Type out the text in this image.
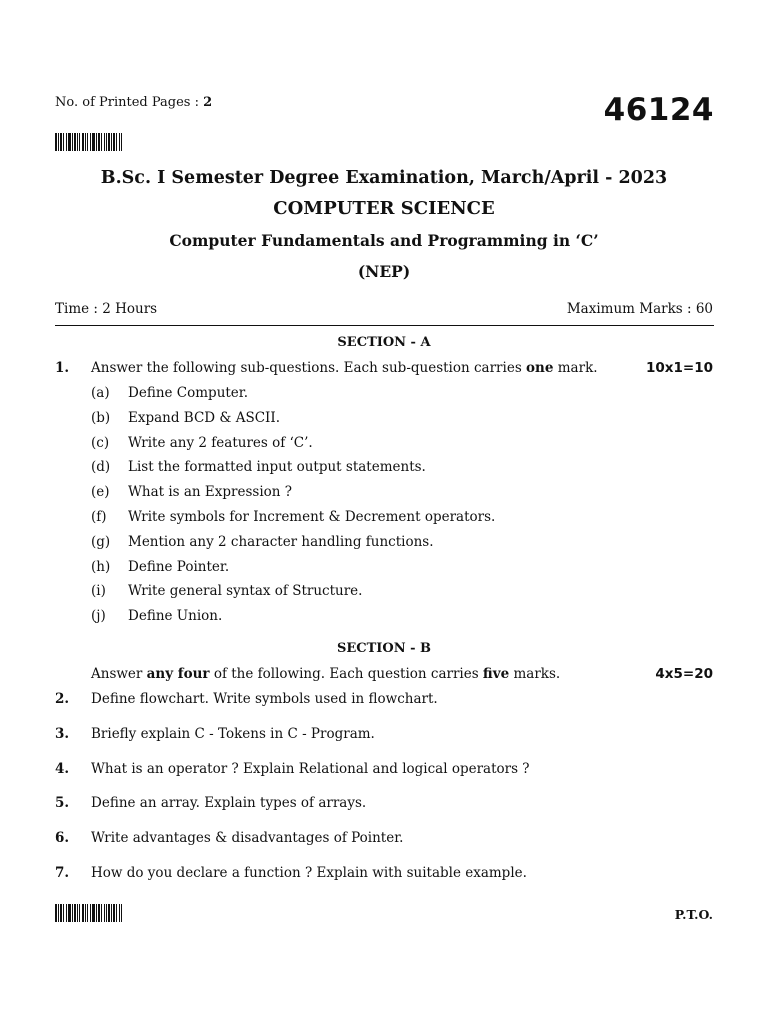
No. of Printed Pages : 2	46124
B.Sc. I Semester Degree Examination, March/April - 2023
COMPUTER SCIENCE
Computer Fundamentals and Programming in ‘C’
(NEP)
Time : 2 Hours	Maximum Marks : 60
SECTION - A
1. Answer the following sub-questions. Each sub-question carries one mark.	10x1=10
(a) Define Computer.
(b) Expand BCD & ASCII.
(c) Write any 2 features of ‘C’.
(d) List the formatted input output statements.
(e) What is an Expression ?
(f) Write symbols for Increment & Decrement operators.
(g) Mention any 2 character handling functions.
(h) Define Pointer.
(i) Write general syntax of Structure.
(j) Define Union.
SECTION - B
Answer any four of the following. Each question carries five marks.	4x5=20
2. Define flowchart. Write symbols used in flowchart.
3. Briefly explain C - Tokens in C - Program.
4. What is an operator ? Explain Relational and logical operators ?
5. Define an array. Explain types of arrays.
6. Write advantages & disadvantages of Pointer.
7. How do you declare a function ? Explain with suitable example.
P.T.O.
